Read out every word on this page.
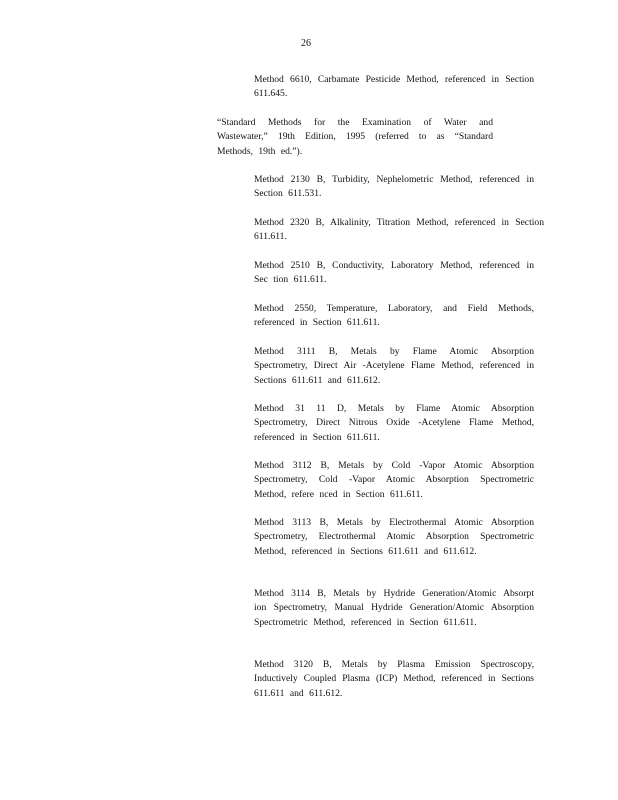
26

Method 6610, Carbamate Pesticide Method, referenced in Section 611.645.

“Standard Methods for the Examination of Water and Wastewater,” 19th Edition, 1995 (referred to as “Standard Methods, 19th ed.”).

Method 2130 B, Turbidity, Nephelometric Method, referenced in Section 611.531.

Method 2320 B, Alkalinity, Titration Method, referenced in Section 611.611.

Method 2510 B, Conductivity, Laboratory Method, referenced in Sec tion 611.611.

Method 2550, Temperature, Laboratory, and Field Methods, referenced in Section 611.611.

Method 3111 B, Metals by Flame Atomic Absorption Spectrometry, Direct Air -Acetylene Flame Method, referenced in Sections 611.611 and 611.612.

Method 31 11 D, Metals by Flame Atomic Absorption Spectrometry, Direct Nitrous Oxide -Acetylene Flame Method, referenced in Section 611.611.

Method 3112 B, Metals by Cold -Vapor Atomic Absorption Spectrometry, Cold -Vapor Atomic Absorption Spectrometric Method, refere nced in Section 611.611.

Method 3113 B, Metals by Electrothermal Atomic Absorption Spectrometry, Electrothermal Atomic Absorption Spectrometric Method, referenced in Sections 611.611 and 611.612.

Method 3114 B, Metals by Hydride Generation/Atomic Absorpt ion Spectrometry, Manual Hydride Generation/Atomic Absorption Spectrometric Method, referenced in Section 611.611.

Method 3120 B, Metals by Plasma Emission Spectroscopy, Inductively Coupled Plasma (ICP) Method, referenced in Sections 611.611 and 611.612.
